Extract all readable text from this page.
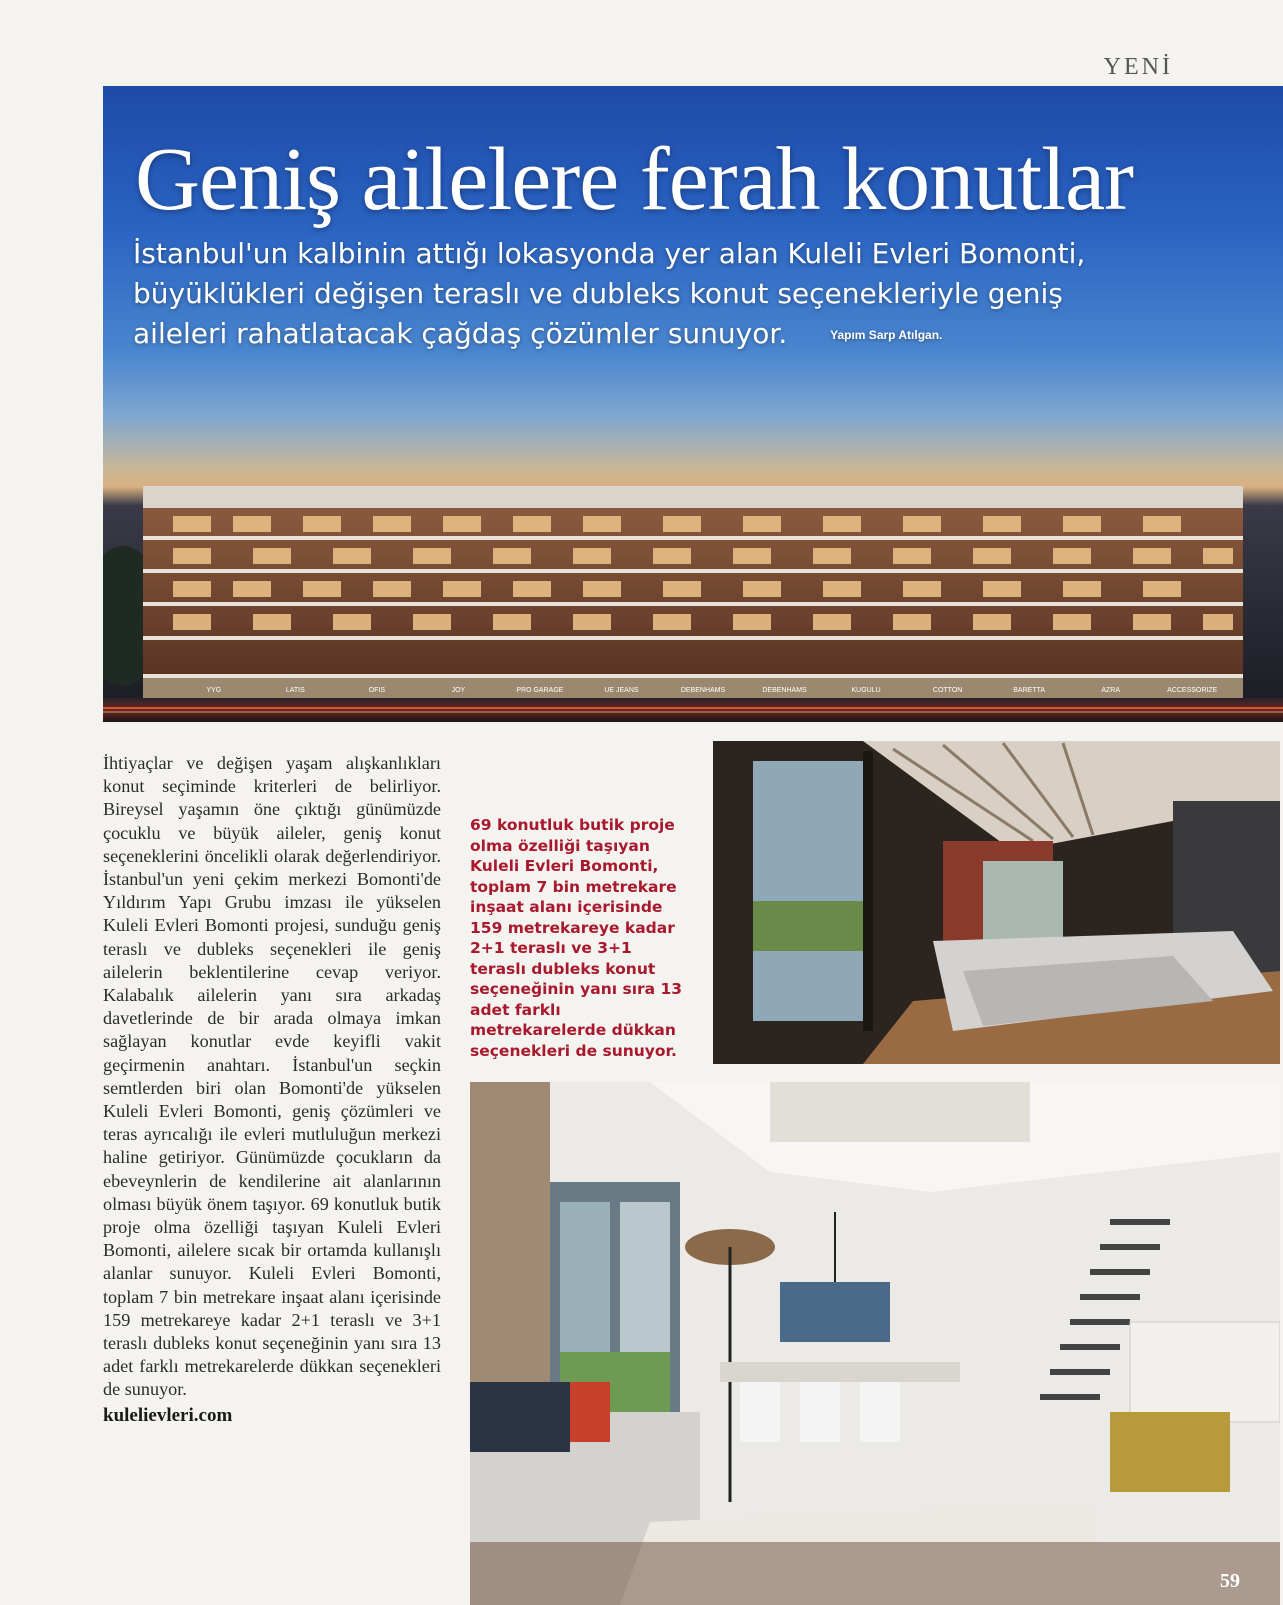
YENİ
YYG	LATIS	OFIS	JOY	PRO GARAGE	UE JEANS	DEBENHAMS	DEBENHAMS	KUGULU	COTTON	BARETTA	AZRA	ACCESSORIZE
Geniş ailelere ferah konutlar
İstanbul'un kalbinin attığı lokasyonda yer alan Kuleli Evleri Bomonti, büyüklükleri değişen teraslı ve dubleks konut seçenekleriyle geniş aileleri rahatlatacak çağdaş çözümler sunuyor.	Yapım Sarp Atılgan.
İhtiyaçlar ve değişen yaşam alışkanlıkları konut seçiminde kriterleri de belirliyor. Bireysel yaşamın öne çıktığı günümüzde çocuklu ve büyük aileler, geniş konut seçeneklerini öncelikli olarak değerlendiriyor. İstanbul'un yeni çekim merkezi Bomonti'de Yıldırım Yapı Grubu imzası ile yükselen Kuleli Evleri Bomonti projesi, sunduğu geniş teraslı ve dubleks seçenekleri ile geniş ailelerin beklentilerine cevap veriyor. Kalabalık ailelerin yanı sıra arkadaş davetlerinde de bir arada olmaya imkan sağlayan konutlar evde keyifli vakit geçirmenin anahtarı. İstanbul'un seçkin semtlerden biri olan Bomonti'de yükselen Kuleli Evleri Bomonti, geniş çözümleri ve teras ayrıcalığı ile evleri mutluluğun merkezi haline getiriyor. Günümüzde çocukların da ebeveynlerin de kendilerine ait alanlarının olması büyük önem taşıyor. 69 konutluk butik proje olma özelliği taşıyan Kuleli Evleri Bomonti, ailelere sıcak bir ortamda kullanışlı alanlar sunuyor. Kuleli Evleri Bomonti, toplam 7 bin metrekare inşaat alanı içerisinde 159 metrekareye kadar 2+1 teraslı ve 3+1 teraslı dubleks konut seçeneğinin yanı sıra 13 adet farklı metrekarelerde dükkan seçenekleri de sunuyor.
kulelievleri.com
69 konutluk butik proje olma özelliği taşıyan Kuleli Evleri Bomonti, toplam 7 bin metrekare inşaat alanı içerisinde 159 metrekareye kadar 2+1 teraslı ve 3+1 teraslı dubleks konut seçeneğinin yanı sıra 13 adet farklı metrekarelerde dükkan seçenekleri de sunuyor.
59
